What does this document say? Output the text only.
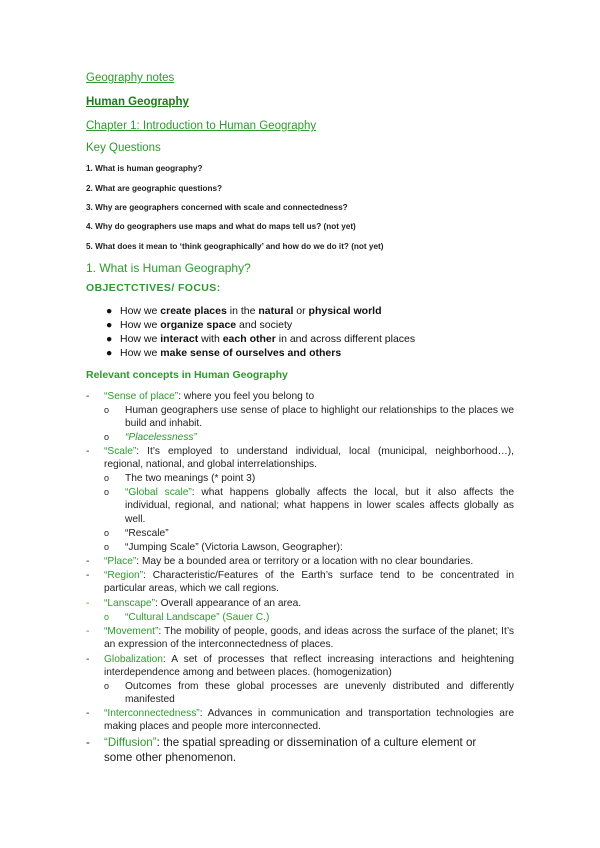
Geography notes
Human Geography
Chapter 1: Introduction to Human Geography
Key Questions
1. What is human geography?
2. What are geographic questions?
3. Why are geographers concerned with scale and connectedness?
4. Why do geographers use maps and what do maps tell us? (not yet)
5. What does it mean to ‘think geographically’ and how do we do it? (not yet)
1. What is Human Geography?
OBJECTCTIVES/ FOCUS:
● How we create places in the natural or physical world
● How we organize space and society
● How we interact with each other in and across different places
● How we make sense of ourselves and others
Relevant concepts in Human Geography
- “Sense of place”: where you feel you belong to
o Human geographers use sense of place to highlight our relationships to the places we build and inhabit.
o “Placelessness”
- “Scale”: It’s employed to understand individual, local (municipal, neighborhood…), regional, national, and global interrelationships.
o The two meanings (* point 3)
o “Global scale”: what happens globally affects the local, but it also affects the individual, regional, and national; what happens in lower scales affects globally as well.
o “Rescale”
o “Jumping Scale” (Victoria Lawson, Geographer):
- “Place”: May be a bounded area or territory or a location with no clear boundaries.
- “Region”: Characteristic/Features of the Earth’s surface tend to be concentrated in particular areas, which we call regions.
- “Lanscape”: Overall appearance of an area.
o “Cultural Landscape” (Sauer C.)
- “Movement”: The mobility of people, goods, and ideas across the surface of the planet; It’s an expression of the interconnectedness of places.
- Globalization: A set of processes that reflect increasing interactions and heightening interdependence among and between places. (homogenization)
o Outcomes from these global processes are unevenly distributed and differently manifested
- “Interconnectedness”: Advances in communication and transportation technologies are making places and people more interconnected.
- “Diffusion”: the spatial spreading or dissemination of a culture element or some other phenomenon.
